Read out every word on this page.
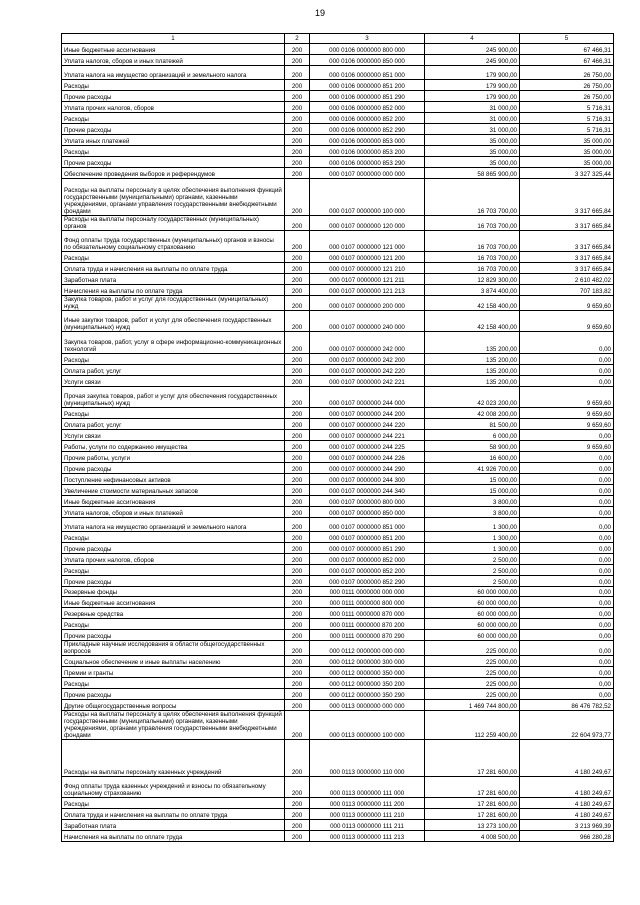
19
1	2	3	4	5
Иные бюджетные ассигнования	200	000 0106 0000000 800 000	245 900,00	67 466,31
Уплата налогов, сборов и иных платежей	200	000 0106 0000000 850 000	245 900,00	67 466,31
Уплата налога на имущество организаций и земельного налога	200	000 0106 0000000 851 000	179 900,00	26 750,00
Расходы	200	000 0106 0000000 851 200	179 900,00	26 750,00
Прочие расходы	200	000 0106 0000000 851 290	179 900,00	26 750,00
Уплата прочих налогов, сборов	200	000 0106 0000000 852 000	31 000,00	5 716,31
Расходы	200	000 0106 0000000 852 200	31 000,00	5 716,31
Прочие расходы	200	000 0106 0000000 852 290	31 000,00	5 716,31
Уплата иных платежей	200	000 0106 0000000 853 000	35 000,00	35 000,00
Расходы	200	000 0106 0000000 853 200	35 000,00	35 000,00
Прочие расходы	200	000 0106 0000000 853 290	35 000,00	35 000,00
Обеспечение проведения выборов и референдумов	200	000 0107 0000000 000 000	58 865 900,00	3 327 325,44
Расходы на выплаты персоналу в целях обеспечения выполнения функций государственными (муниципальными) органами, казенными учреждениями, органами управления государственными внебюджетными фондами	200	000 0107 0000000 100 000	16 703 700,00	3 317 665,84
Расходы на выплаты персоналу государственных (муниципальных) органов	200	000 0107 0000000 120 000	16 703 700,00	3 317 665,84
Фонд оплаты труда государственных (муниципальных) органов и взносы по обязательному социальному страхованию	200	000 0107 0000000 121 000	16 703 700,00	3 317 665,84
Расходы	200	000 0107 0000000 121 200	16 703 700,00	3 317 665,84
Оплата труда и начисления на выплаты по оплате труда	200	000 0107 0000000 121 210	16 703 700,00	3 317 665,84
Заработная плата	200	000 0107 0000000 121 211	12 829 300,00	2 610 482,02
Начисления на выплаты по оплате труда	200	000 0107 0000000 121 213	3 874 400,00	707 183,82
Закупка товаров, работ и услуг для государственных (муниципальных) нужд	200	000 0107 0000000 200 000	42 158 400,00	9 659,60
Иные закупки товаров, работ и услуг для обеспечения государственных (муниципальных) нужд	200	000 0107 0000000 240 000	42 158 400,00	9 659,60
Закупка товаров, работ, услуг в сфере информационно-коммуникационных технологий	200	000 0107 0000000 242 000	135 200,00	0,00
Расходы	200	000 0107 0000000 242 200	135 200,00	0,00
Оплата работ, услуг	200	000 0107 0000000 242 220	135 200,00	0,00
Услуги связи	200	000 0107 0000000 242 221	135 200,00	0,00
Прочая закупка товаров, работ и услуг для обеспечения государственных (муниципальных) нужд	200	000 0107 0000000 244 000	42 023 200,00	9 659,60
Расходы	200	000 0107 0000000 244 200	42 008 200,00	9 659,60
Оплата работ, услуг	200	000 0107 0000000 244 220	81 500,00	9 659,60
Услуги связи	200	000 0107 0000000 244 221	6 000,00	0,00
Работы, услуги по содержанию имущества	200	000 0107 0000000 244 225	58 900,00	9 659,60
Прочие работы, услуги	200	000 0107 0000000 244 226	16 600,00	0,00
Прочие расходы	200	000 0107 0000000 244 290	41 926 700,00	0,00
Поступление нефинансовых активов	200	000 0107 0000000 244 300	15 000,00	0,00
Увеличение стоимости материальных запасов	200	000 0107 0000000 244 340	15 000,00	0,00
Иные бюджетные ассигнования	200	000 0107 0000000 800 000	3 800,00	0,00
Уплата налогов, сборов и иных платежей	200	000 0107 0000000 850 000	3 800,00	0,00
Уплата налога на имущество организаций и земельного налога	200	000 0107 0000000 851 000	1 300,00	0,00
Расходы	200	000 0107 0000000 851 200	1 300,00	0,00
Прочие расходы	200	000 0107 0000000 851 290	1 300,00	0,00
Уплата прочих налогов, сборов	200	000 0107 0000000 852 000	2 500,00	0,00
Расходы	200	000 0107 0000000 852 200	2 500,00	0,00
Прочие расходы	200	000 0107 0000000 852 290	2 500,00	0,00
Резервные фонды	200	000 0111 0000000 000 000	60 000 000,00	0,00
Иные бюджетные ассигнования	200	000 0111 0000000 800 000	60 000 000,00	0,00
Резервные средства	200	000 0111 0000000 870 000	60 000 000,00	0,00
Расходы	200	000 0111 0000000 870 200	60 000 000,00	0,00
Прочие расходы	200	000 0111 0000000 870 290	60 000 000,00	0,00
Прикладные научные исследования в области общегосударственных вопросов	200	000 0112 0000000 000 000	225 000,00	0,00
Социальное обеспечение и иные выплаты населению	200	000 0112 0000000 300 000	225 000,00	0,00
Премии и гранты	200	000 0112 0000000 350 000	225 000,00	0,00
Расходы	200	000 0112 0000000 350 200	225 000,00	0,00
Прочие расходы	200	000 0112 0000000 350 290	225 000,00	0,00
Другие общегосударственные вопросы	200	000 0113 0000000 000 000	1 469 744 800,00	86 476 782,52
Расходы на выплаты персоналу в целях обеспечения выполнения функций государственными (муниципальными) органами, казенными учреждениями, органами управления государственными внебюджетными фондами	200	000 0113 0000000 100 000	112 259 400,00	22 604 973,77
Расходы на выплаты персоналу казенных учреждений	200	000 0113 0000000 110 000	17 281 600,00	4 180 249,67
Фонд оплаты труда казенных учреждений и взносы по обязательному социальному страхованию	200	000 0113 0000000 111 000	17 281 600,00	4 180 249,67
Расходы	200	000 0113 0000000 111 200	17 281 600,00	4 180 249,67
Оплата труда и начисления на выплаты по оплате труда	200	000 0113 0000000 111 210	17 281 600,00	4 180 249,67
Заработная плата	200	000 0113 0000000 111 211	13 273 100,00	3 213 969,39
Начисления на выплаты по оплате труда	200	000 0113 0000000 111 213	4 008 500,00	966 280,28
